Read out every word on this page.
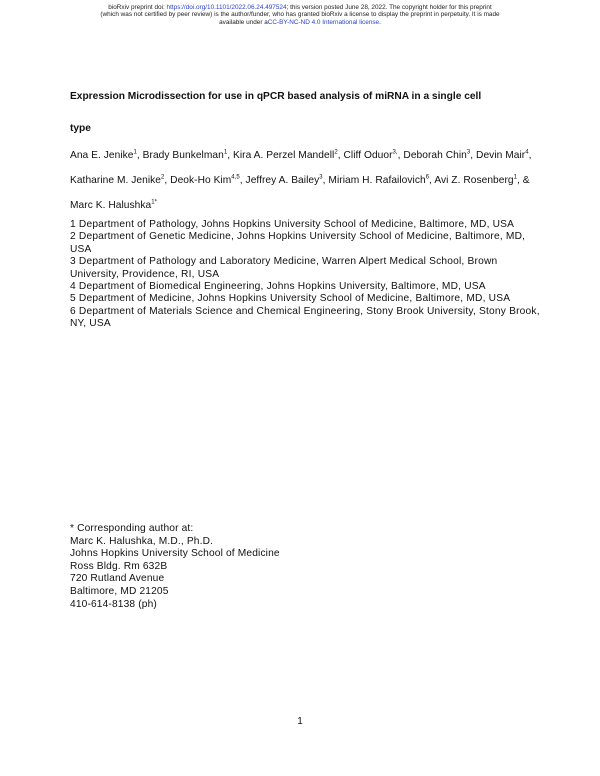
bioRxiv preprint doi: https://doi.org/10.1101/2022.06.24.497524; this version posted June 28, 2022. The copyright holder for this preprint
(which was not certified by peer review) is the author/funder, who has granted bioRxiv a license to display the preprint in perpetuity. It is made
available under aCC-BY-NC-ND 4.0 International license.
Expression Microdissection for use in qPCR based analysis of miRNA in a single cell
type
Ana E. Jenike$^1$, Brady Bunkelman$^1$, Kira A. Perzel Mandell$^2$, Cliff Oduor$^{3,}$, Deborah Chin$^3$, Devin Mair$^4$, Katharine M. Jenike$^2$, Deok-Ho Kim$^{4,5}$, Jeffrey A. Bailey$^3$, Miriam H. Rafailovich$^6$, Avi Z. Rosenberg$^1$, & Marc K. Halushka$^{1*}$
1 Department of Pathology, Johns Hopkins University School of Medicine, Baltimore, MD, USA
2 Department of Genetic Medicine, Johns Hopkins University School of Medicine, Baltimore, MD, USA
3 Department of Pathology and Laboratory Medicine, Warren Alpert Medical School, Brown University, Providence, RI, USA
4 Department of Biomedical Engineering, Johns Hopkins University, Baltimore, MD, USA
5 Department of Medicine, Johns Hopkins University School of Medicine, Baltimore, MD, USA
6 Department of Materials Science and Chemical Engineering, Stony Brook University, Stony Brook, NY, USA
* Corresponding author at:
Marc K. Halushka, M.D., Ph.D.
Johns Hopkins University School of Medicine
Ross Bldg. Rm 632B
720 Rutland Avenue
Baltimore, MD 21205
410-614-8138 (ph)
1
